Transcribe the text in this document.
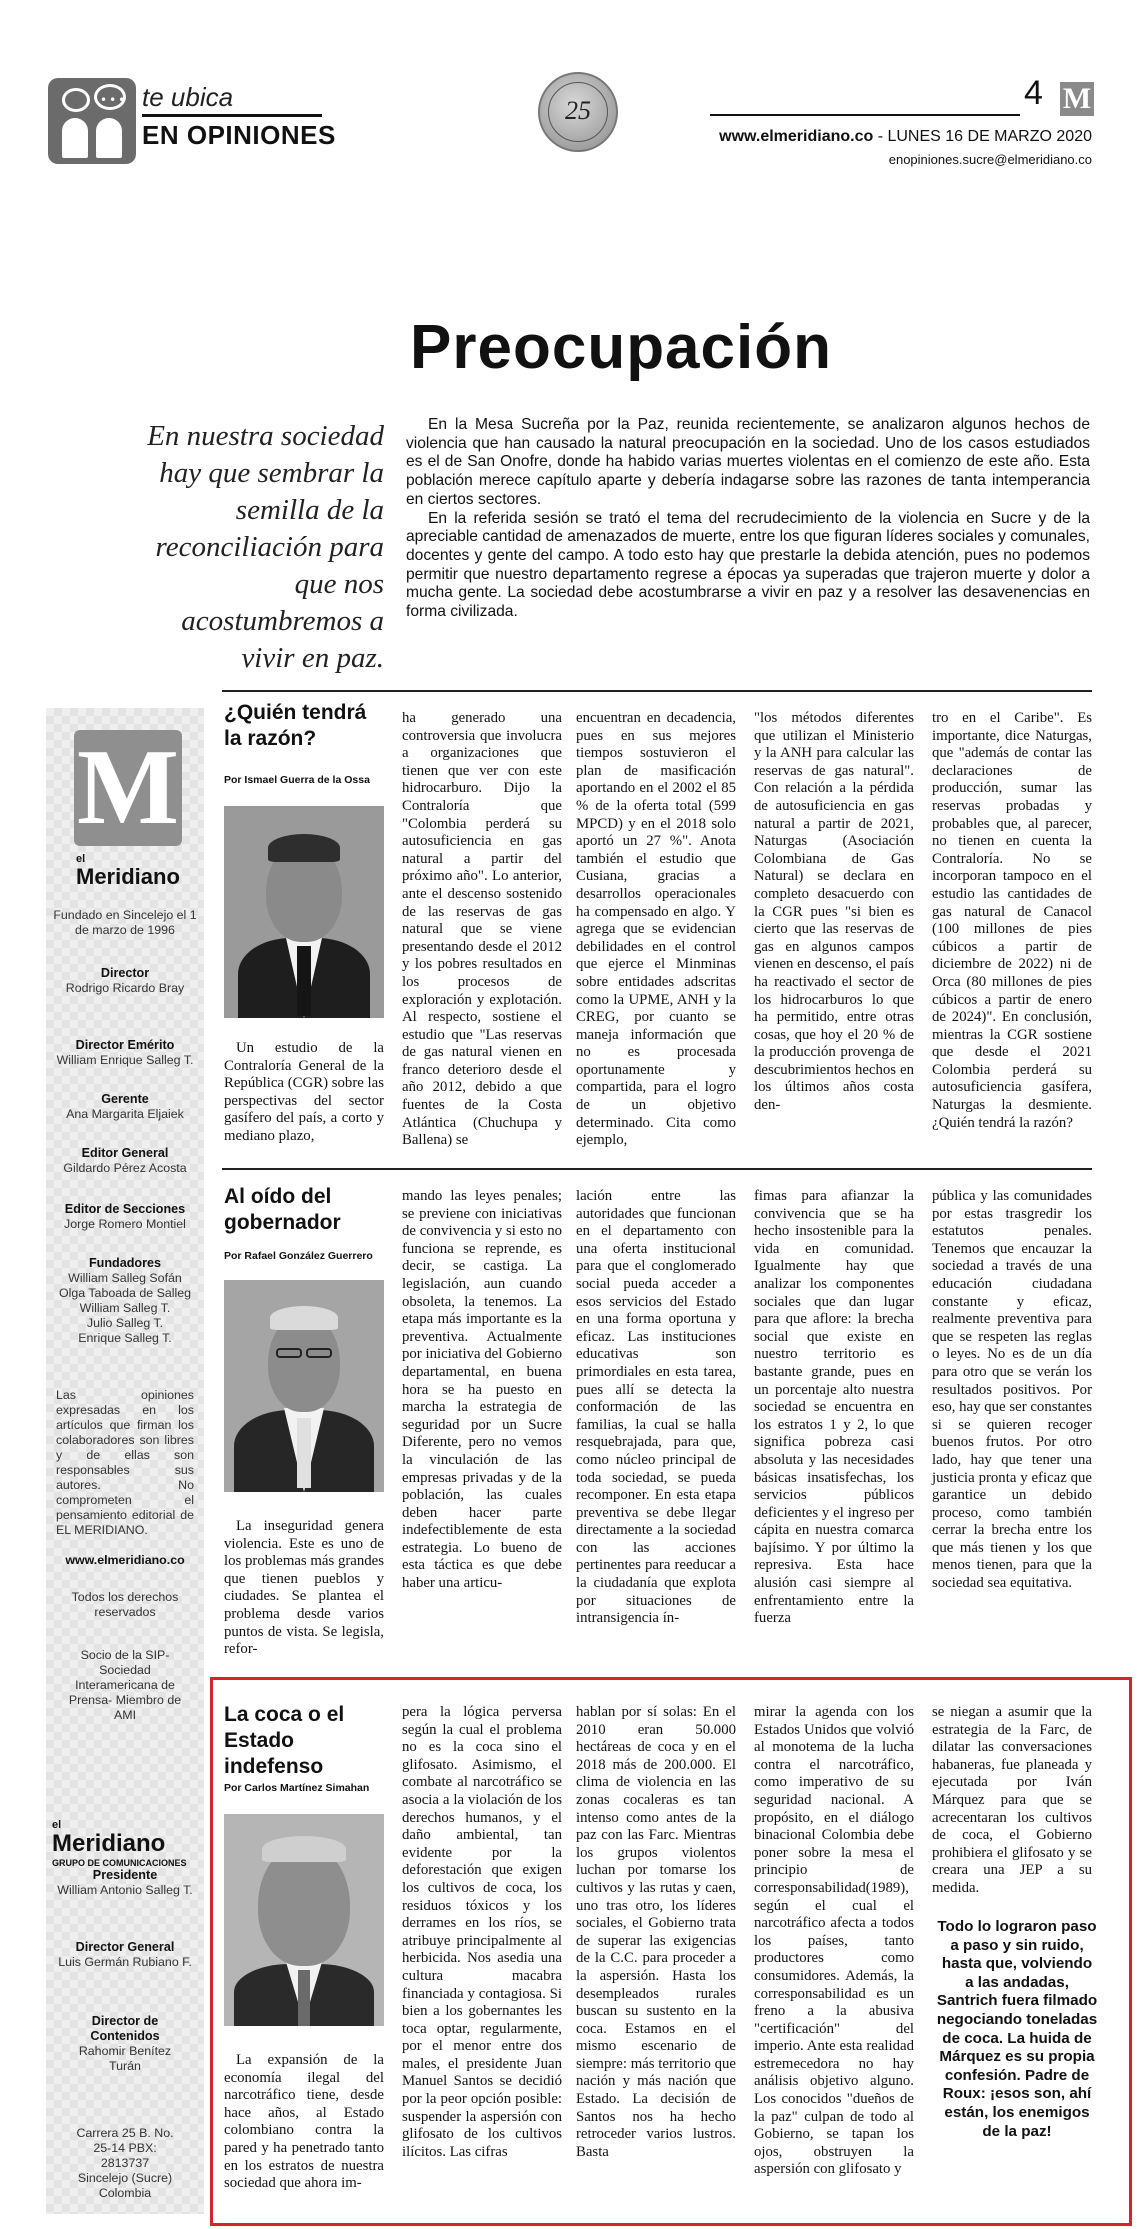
••• te ubica
EN OPINIONES
25	4 M
www.elmeridiano.co - LUNES 16 DE MARZO 2020
enopiniones.sucre@elmeridiano.co
Preocupación
En nuestra sociedad hay que sembrar la semilla de la reconciliación para que nos acostumbremos a vivir en paz.

En la Mesa Sucreña por la Paz, reunida recientemente, se analizaron algunos hechos de violencia que han causado la natural preocupación en la sociedad. Uno de los casos estudiados es el de San Onofre, donde ha habido varias muertes violentas en el comienzo de este año. Esta población merece capítulo aparte y debería indagarse sobre las razones de tanta intemperancia en ciertos sectores.

En la referida sesión se trató el tema del recrudecimiento de la violencia en Sucre y de la apreciable cantidad de amenazados de muerte, entre los que figuran líderes sociales y comunales, docentes y gente del campo. A todo esto hay que prestarle la debida atención, pues no podemos permitir que nuestro departamento regrese a épocas ya superadas que trajeron muerte y dolor a mucha gente. La sociedad debe acostumbrarse a vivir en paz y a resolver las desavenencias en forma civilizada.

M
el
Meridiano
Fundado en Sincelejo el 1 de marzo de 1996
Director
Rodrigo Ricardo Bray
Director Emérito
William Enrique Salleg T.
Gerente
Ana Margarita Eljaiek
Editor General
Gildardo Pérez Acosta
Editor de Secciones
Jorge Romero Montiel
Fundadores
William Salleg Sofán
Olga Taboada de Salleg
William Salleg T.
Julio Salleg T.
Enrique Salleg T.
Las opiniones expresadas en los artículos que firman los colaboradores son libres y de ellas son responsables sus autores. No comprometen el pensamiento editorial de EL MERIDIANO.
www.elmeridiano.co
Todos los derechos reservados
Socio de la SIP- Sociedad Interamericana de Prensa- Miembro de AMI
el
Meridiano
GRUPO DE COMUNICACIONES
Presidente
William Antonio Salleg T.
Director General
Luis Germán Rubiano F.
Director de Contenidos
Rahomir Benítez Turán
Carrera 25 B. No. 25-14 PBX: 2813737 Sincelejo (Sucre) Colombia
¿Quién tendrá la razón?
Por Ismael Guerra de la Ossa

Un estudio de la Contraloría General de la República (CGR) sobre las perspectivas del sector gasífero del país, a corto y mediano plazo,

ha generado una controversia que involucra a organizaciones que tienen que ver con este hidrocarburo. Dijo la Contraloría que "Colombia perderá su autosuficiencia en gas natural a partir del próximo año". Lo anterior, ante el descenso sostenido de las reservas de gas natural que se viene presentando desde el 2012 y los pobres resultados en los procesos de exploración y explotación. Al respecto, sostiene el estudio que "Las reservas de gas natural vienen en franco deterioro desde el año 2012, debido a que fuentes de la Costa Atlántica (Chuchupa y Ballena) se

encuentran en decadencia, pues en sus mejores tiempos sostuvieron el plan de masificación aportando en el 2002 el 85 % de la oferta total (599 MPCD) y en el 2018 solo aportó un 27 %". Anota también el estudio que Cusiana, gracias a desarrollos operacionales ha compensado en algo. Y agrega que se evidencian debilidades en el control que ejerce el Minminas sobre entidades adscritas como la UPME, ANH y la CREG, por cuanto se maneja información que no es procesada oportunamente y compartida, para el logro de un objetivo determinado. Cita como ejemplo,

"los métodos diferentes que utilizan el Ministerio y la ANH para calcular las reservas de gas natural". Con relación a la pérdida de autosuficiencia en gas natural a partir de 2021, Naturgas (Asociación Colombiana de Gas Natural) se declara en completo desacuerdo con la CGR pues "si bien es cierto que las reservas de gas en algunos campos vienen en descenso, el país ha reactivado el sector de los hidrocarburos lo que ha permitido, entre otras cosas, que hoy el 20 % de la producción provenga de descubrimientos hechos en los últimos años costa den-

tro en el Caribe". Es importante, dice Naturgas, que "además de contar las declaraciones de producción, sumar las reservas probadas y probables que, al parecer, no tienen en cuenta la Contraloría. No se incorporan tampoco en el estudio las cantidades de gas natural de Canacol (100 millones de pies cúbicos a partir de diciembre de 2022) ni de Orca (80 millones de pies cúbicos a partir de enero de 2024)". En conclusión, mientras la CGR sostiene que desde el 2021 Colombia perderá su autosuficiencia gasífera, Naturgas la desmiente. ¿Quién tendrá la razón?

Al oído del gobernador
Por Rafael González Guerrero

La inseguridad genera violencia. Este es uno de los problemas más grandes que tienen pueblos y ciudades. Se plantea el problema desde varios puntos de vista. Se legisla, refor-

mando las leyes penales; se previene con iniciativas de convivencia y si esto no funciona se reprende, es decir, se castiga. La legislación, aun cuando obsoleta, la tenemos. La etapa más importante es la preventiva. Actualmente por iniciativa del Gobierno departamental, en buena hora se ha puesto en marcha la estrategia de seguridad por un Sucre Diferente, pero no vemos la vinculación de las empresas privadas y de la población, las cuales deben hacer parte indefectiblemente de esta estrategia. Lo bueno de esta táctica es que debe haber una articu-

lación entre las autoridades que funcionan en el departamento con una oferta institucional para que el conglomerado social pueda acceder a esos servicios del Estado en una forma oportuna y eficaz. Las instituciones educativas son primordiales en esta tarea, pues allí se detecta la conformación de las familias, la cual se halla resquebrajada, para que, como núcleo principal de toda sociedad, se pueda recomponer. En esta etapa preventiva se debe llegar directamente a la sociedad con las acciones pertinentes para reeducar a la ciudadanía que explota por situaciones de intransigencia ín-

fimas para afianzar la convivencia que se ha hecho insostenible para la vida en comunidad. Igualmente hay que analizar los componentes sociales que dan lugar para que aflore: la brecha social que existe en nuestro territorio es bastante grande, pues en un porcentaje alto nuestra sociedad se encuentra en los estratos 1 y 2, lo que significa pobreza casi absoluta y las necesidades básicas insatisfechas, los servicios públicos deficientes y el ingreso per cápita en nuestra comarca bajísimo. Y por último la represiva. Esta hace alusión casi siempre al enfrentamiento entre la fuerza

pública y las comunidades por estas trasgredir los estatutos penales. Tenemos que encauzar la sociedad a través de una educación ciudadana constante y eficaz, realmente preventiva para que se respeten las reglas o leyes. No es de un día para otro que se verán los resultados positivos. Por eso, hay que ser constantes si se quieren recoger buenos frutos. Por otro lado, hay que tener una justicia pronta y eficaz que garantice un debido proceso, como también cerrar la brecha entre los que más tienen y los que menos tienen, para que la sociedad sea equitativa.

La coca o el Estado indefenso
Por Carlos Martínez Simahan

La expansión de la economía ilegal del narcotráfico tiene, desde hace años, al Estado colombiano contra la pared y ha penetrado tanto en los estratos de nuestra sociedad que ahora im-

pera la lógica perversa según la cual el problema no es la coca sino el glifosato. Asimismo, el combate al narcotráfico se asocia a la violación de los derechos humanos, y el daño ambiental, tan evidente por la deforestación que exigen los cultivos de coca, los residuos tóxicos y los derrames en los ríos, se atribuye principalmente al herbicida. Nos asedia una cultura macabra financiada y contagiosa. Si bien a los gobernantes les toca optar, regularmente, por el menor entre dos males, el presidente Juan Manuel Santos se decidió por la peor opción posible: suspender la aspersión con glifosato de los cultivos ilícitos. Las cifras

hablan por sí solas: En el 2010 eran 50.000 hectáreas de coca y en el 2018 más de 200.000. El clima de violencia en las zonas cocaleras es tan intenso como antes de la paz con las Farc. Mientras los grupos violentos luchan por tomarse los cultivos y las rutas y caen, uno tras otro, los líderes sociales, el Gobierno trata de superar las exigencias de la C.C. para proceder a la aspersión. Hasta los desempleados rurales buscan su sustento en la coca. Estamos en el mismo escenario de siempre: más territorio que nación y más nación que Estado. La decisión de Santos nos ha hecho retroceder varios lustros. Basta

mirar la agenda con los Estados Unidos que volvió al monotema de la lucha contra el narcotráfico, como imperativo de su seguridad nacional. A propósito, en el diálogo binacional Colombia debe poner sobre la mesa el principio de corresponsabilidad(1989), según el cual el narcotráfico afecta a todos los países, tanto productores como consumidores. Además, la corresponsabilidad es un freno a la abusiva "certificación" del imperio. Ante esta realidad estremecedora no hay análisis objetivo alguno. Los conocidos "dueños de la paz" culpan de todo al Gobierno, se tapan los ojos, obstruyen la aspersión con glifosato y

se niegan a asumir que la estrategia de la Farc, de dilatar las conversaciones habaneras, fue planeada y ejecutada por Iván Márquez para que se acrecentaran los cultivos de coca, el Gobierno prohibiera el glifosato y se creara una JEP a su medida.

Todo lo lograron paso a paso y sin ruido, hasta que, volviendo a las andadas, Santrich fuera filmado negociando toneladas de coca. La huida de Márquez es su propia confesión. Padre de Roux: ¡esos son, ahí están, los enemigos de la paz!
